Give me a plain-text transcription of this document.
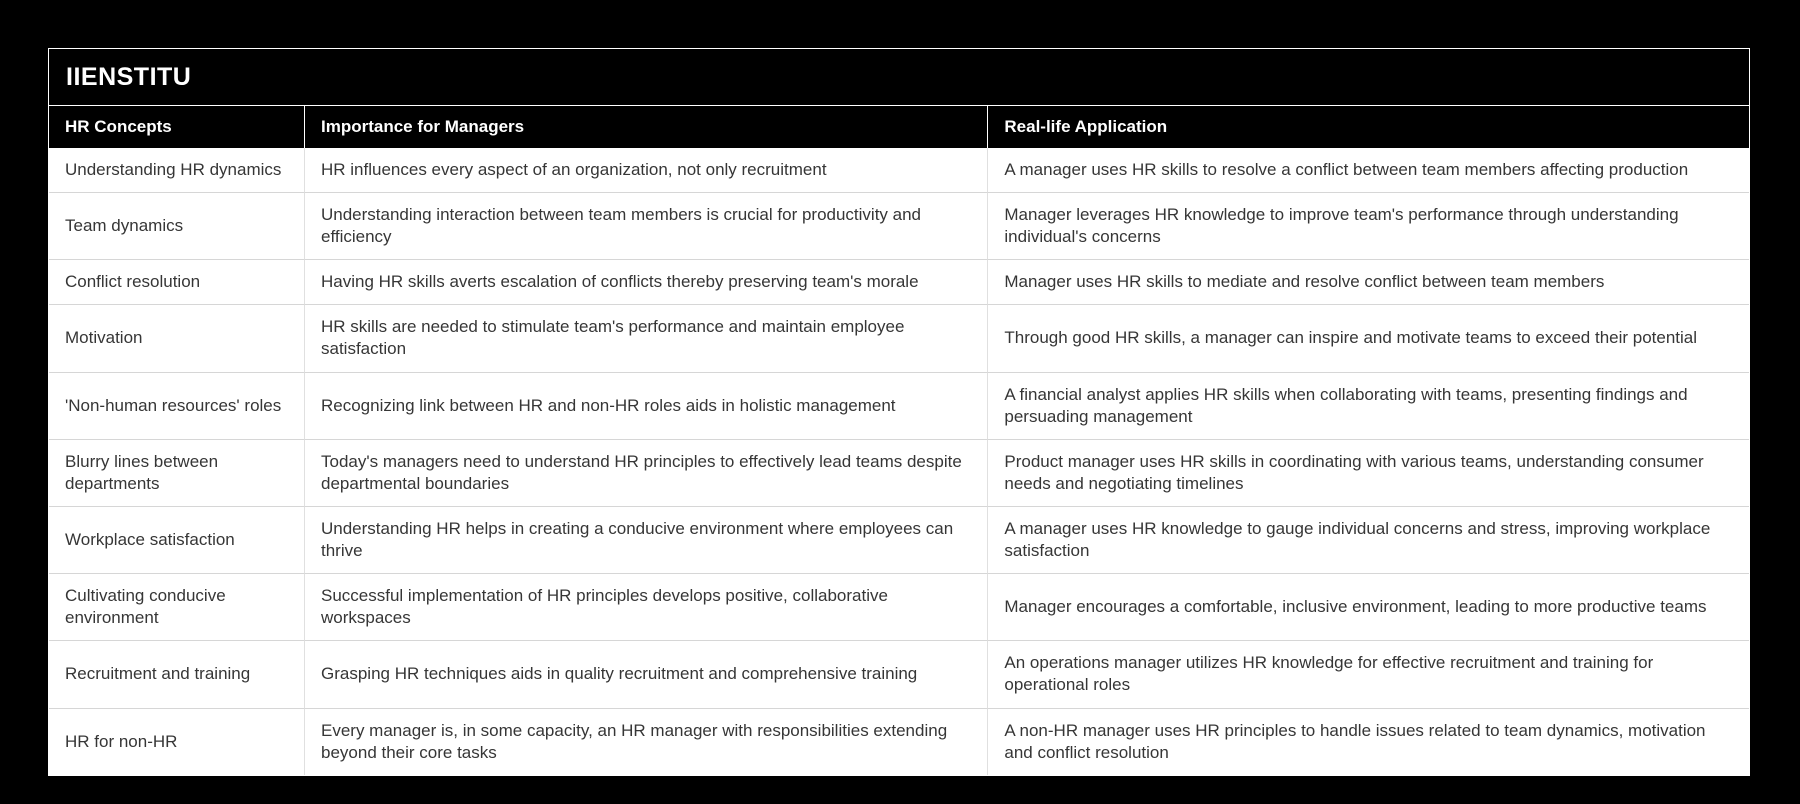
IIENSTITU
HR Concepts	Importance for Managers	Real-life Application
Understanding HR dynamics	HR influences every aspect of an organization, not only recruitment	A manager uses HR skills to resolve a conflict between team members affecting production
Team dynamics	Understanding interaction between team members is crucial for productivity and efficiency	Manager leverages HR knowledge to improve team's performance through understanding individual's concerns
Conflict resolution	Having HR skills averts escalation of conflicts thereby preserving team's morale	Manager uses HR skills to mediate and resolve conflict between team members
Motivation	HR skills are needed to stimulate team's performance and maintain employee satisfaction	Through good HR skills, a manager can inspire and motivate teams to exceed their potential
'Non-human resources' roles	Recognizing link between HR and non-HR roles aids in holistic management	A financial analyst applies HR skills when collaborating with teams, presenting findings and persuading management
Blurry lines between departments	Today's managers need to understand HR principles to effectively lead teams despite departmental boundaries	Product manager uses HR skills in coordinating with various teams, understanding consumer needs and negotiating timelines
Workplace satisfaction	Understanding HR helps in creating a conducive environment where employees can thrive	A manager uses HR knowledge to gauge individual concerns and stress, improving workplace satisfaction
Cultivating conducive environment	Successful implementation of HR principles develops positive, collaborative workspaces	Manager encourages a comfortable, inclusive environment, leading to more productive teams
Recruitment and training	Grasping HR techniques aids in quality recruitment and comprehensive training	An operations manager utilizes HR knowledge for effective recruitment and training for operational roles
HR for non-HR	Every manager is, in some capacity, an HR manager with responsibilities extending beyond their core tasks	A non-HR manager uses HR principles to handle issues related to team dynamics, motivation and conflict resolution
